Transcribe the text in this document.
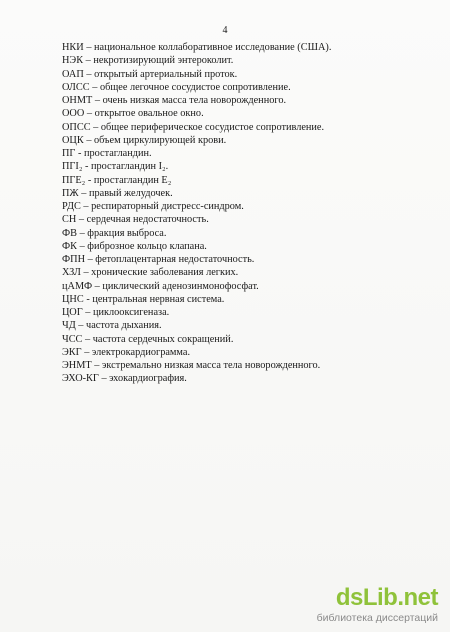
4
НКИ – национальное коллаборативное исследование (США).
НЭК – некротизирующий энтероколит.
ОАП – открытый артериальный проток.
ОЛСС – общее легочное сосудистое сопротивление.
ОНМТ – очень низкая масса тела новорожденного.
ООО – открытое овальное окно.
ОПСС – общее периферическое сосудистое сопротивление.
ОЦК – объем циркулирующей крови.
ПГ - простагландин.
ПГI₂ - простагландин I₂.
ПГЕ₂ - простагландин Е₂
ПЖ – правый желудочек.
РДС – респираторный дистресс-синдром.
СН – сердечная недостаточность.
ФВ – фракция выброса.
ФК – фиброзное кольцо клапана.
ФПН – фетоплацентарная недостаточность.
ХЗЛ – хронические заболевания легких.
цАМФ – циклический аденозинмонофосфат.
ЦНС - центральная нервная система.
ЦОГ – циклооксигеназа.
ЧД – частота дыхания.
ЧСС – частота сердечных сокращений.
ЭКГ – электрокардиограмма.
ЭНМТ – экстремально низкая масса тела новорожденного.
ЭХО-КГ – эхокардиография.
dsLib.net
библиотека диссертаций
